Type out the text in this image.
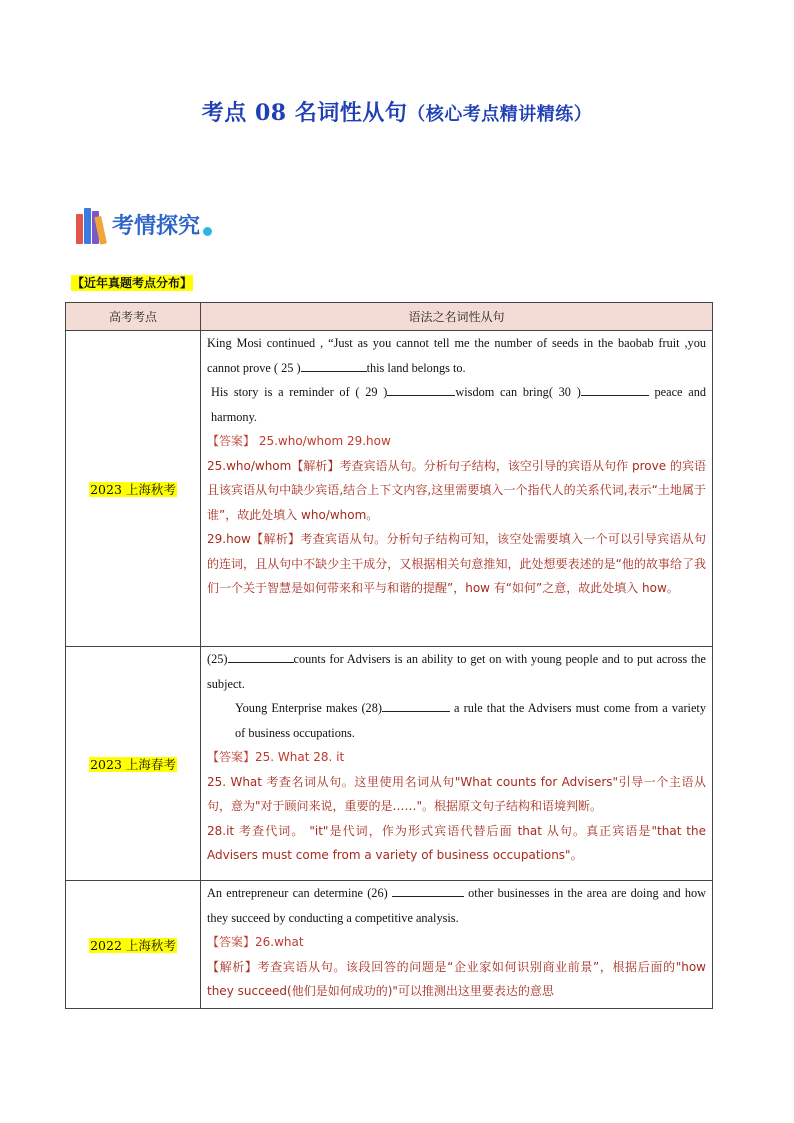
考点 08 名词性从句（核心考点精讲精练）
考情探究
【近年真题考点分布】
高考考点	语法之名词性从句
2023 上海秋考	King Mosi continued , “Just as you cannot tell me the number of seeds in the baobab fruit ,you cannot prove ( 25 ) this land belongs to.
His story is a reminder of ( 29 ) wisdom can bring( 30 ) peace and harmony.
【答案】 25.who/whom 29.how
25.who/whom【解析】考查宾语从句。分析句子结构，该空引导的宾语从句作 prove 的宾语且该宾语从句中缺少宾语,结合上下文内容,这里需要填入一个指代人的关系代词,表示“土地属于谁”，故此处填入 who/whom。
29.how【解析】考查宾语从句。分析句子结构可知，该空处需要填入一个可以引导宾语从句的连词，且从句中不缺少主干成分，又根据相关句意推知，此处想要表述的是“他的故事给了我们一个关于智慧是如何带来和平与和谐的提醒”，how 有“如何”之意，故此处填入 how。

2023 上海春考	(25) counts for Advisers is an ability to get on with young people and to put across the subject.
Young Enterprise makes (28) a rule that the Advisers must come from a variety of business occupations.
【答案】25. What 28. it
25. What 考查名词从句。这里使用名词从句"What counts for Advisers"引导一个主语从句，意为"对于顾问来说，重要的是……"。根据原文句子结构和语境判断。
28.it 考查代词。 "it"是代词，作为形式宾语代替后面 that 从句。真正宾语是"that the Advisers must come from a variety of business occupations"。

2022 上海秋考	An entrepreneur can determine (26) other businesses in the area are doing and how they succeed by conducting a competitive analysis.
【答案】26.what
【解析】考查宾语从句。该段回答的问题是“企业家如何识别商业前景”，根据后面的"how they succeed(他们是如何成功的)"可以推测出这里要表达的意思
